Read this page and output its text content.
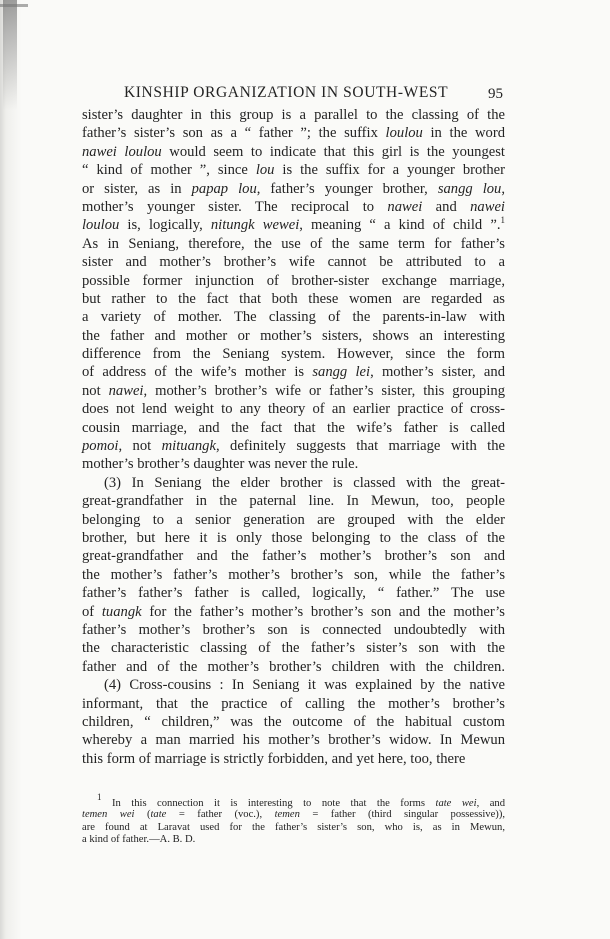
KINSHIP ORGANIZATION IN SOUTH-WEST	95
sister’s daughter in this group is a parallel to the classing of the
father’s sister’s son as a “ father ”; the suffix loulou in the word
nawei loulou would seem to indicate that this girl is the youngest
“ kind of mother ”, since lou is the suffix for a younger brother
or sister, as in papap lou, father’s younger brother, sangg lou,
mother’s younger sister. The reciprocal to nawei and nawei
loulou is, logically, nitungk wewei, meaning “ a kind of child ”.$^1$
As in Seniang, therefore, the use of the same term for father’s
sister and mother’s brother’s wife cannot be attributed to a
possible former injunction of brother-sister exchange marriage,
but rather to the fact that both these women are regarded as
a variety of mother. The classing of the parents-in-law with
the father and mother or mother’s sisters, shows an interesting
difference from the Seniang system. However, since the form
of address of the wife’s mother is sangg lei, mother’s sister, and
not nawei, mother’s brother’s wife or father’s sister, this grouping
does not lend weight to any theory of an earlier practice of cross-
cousin marriage, and the fact that the wife’s father is called
pomoi, not mituangk, definitely suggests that marriage with the
mother’s brother’s daughter was never the rule.
(3) In Seniang the elder brother is classed with the great-
great-grandfather in the paternal line. In Mewun, too, people
belonging to a senior generation are grouped with the elder
brother, but here it is only those belonging to the class of the
great-grandfather and the father’s mother’s brother’s son and
the mother’s father’s mother’s brother’s son, while the father’s
father’s father’s father is called, logically, “ father.” The use
of tuangk for the father’s mother’s brother’s son and the mother’s
father’s mother’s brother’s son is connected undoubtedly with
the characteristic classing of the father’s sister’s son with the
father and of the mother’s brother’s children with the children.
(4) Cross-cousins : In Seniang it was explained by the native
informant, that the practice of calling the mother’s brother’s
children, “ children,” was the outcome of the habitual custom
whereby a man married his mother’s brother’s widow. In Mewun
this form of marriage is strictly forbidden, and yet here, too, there
$^1$ In this connection it is interesting to note that the forms tate wei, and
temen wei (tate = father (voc.), temen = father (third singular possessive)),
are found at Laravat used for the father’s sister’s son, who is, as in Mewun,
a kind of father.—A. B. D.
